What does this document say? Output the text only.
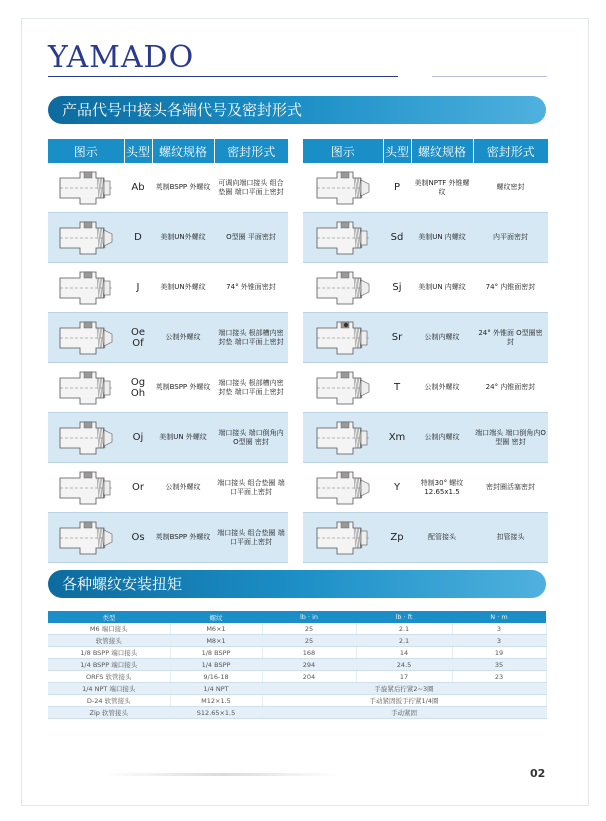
YAMADO
产品代号中接头各端代号及密封形式
图示	头型	螺纹规格	密封形式

	Ab	英制BSPP 外螺纹	可调向端口接头 组合垫圈 端口平面上密封

	D	美制UN外螺纹	O型圈 平面密封

	J	美制UN外螺纹	74° 外锥面密封

	Oe Of	公制外螺纹	端口接头 根部槽内密封垫 端口平面上密封

	Og Oh	英制BSPP 外螺纹	端口接头 根部槽内密封垫 端口平面上密封

	Oj	美制UN 外螺纹	端口接头 端口倒角内O型圈 密封

	Or	公制外螺纹	端口接头 组合垫圈 端口平面上密封

	Os	英制BSPP 外螺纹	端口接头 组合垫圈 端口平面上密封
图示	头型	螺纹规格	密封形式

	P	美制NPTF 外锥螺纹	螺纹密封

	Sd	美制UN 内螺纹	内平面密封

	Sj	美制UN 内螺纹	74° 内锥面密封

	Sr	公制内螺纹	24° 外锥面 O型圈密封

	T	公制外螺纹	24° 内锥面密封

	Xm	公制内螺纹	端口端头 端口倒角内O型圈 密封

	Y	特制30° 螺纹 12.65x1.5	密封圈活塞密封

	Zp	配管接头	扣管接头
各种螺纹安装扭矩
类型	螺纹	lb · in	lb · ft	N · m
M6 端口接头	M6×1	25	2.1	3
软管接头	M8×1	25	2.1	3
1/8 BSPP 端口接头	1/8 BSPP	168	14	19
1/4 BSPP 端口接头	1/4 BSPP	294	24.5	35
ORFS 软管接头	9/16-18	204	17	23
1/4 NPT 端口接头	1/4 NPT	手旋紧后拧紧2~3圈		
D-24 软管接头	M12×1.5	手动紧固扳手拧紧1/4圈		
Zip 软管接头	S12.65×1.5	手动紧固		
02
